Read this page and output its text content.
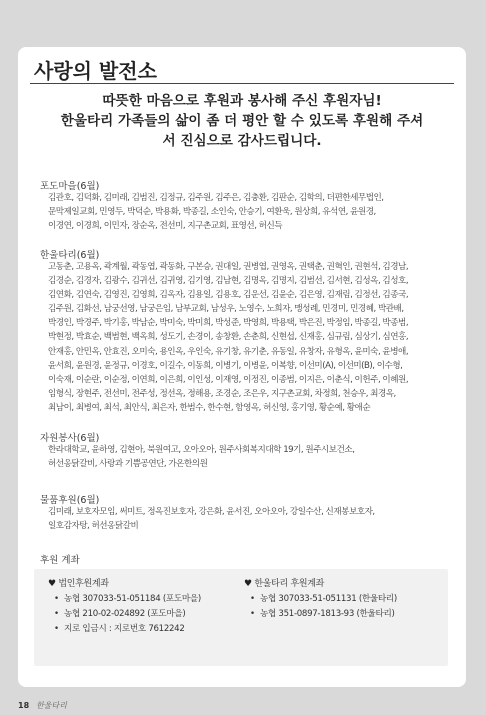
사랑의 발전소
따뜻한 마음으로 후원과 봉사해 주신 후원자님!
한울타리 가족들의 삶이 좀 더 평안 할 수 있도록 후원해 주셔
서 진심으로 감사드립니다.
포도마을(6월)
김관호, 김덕화, 김미래, 김범진, 김정규, 김주원, 김주은, 김충환, 김판순, 김학의, 더편한세무법인,
문막제일교회, 민영두, 박덕순, 박용화, 박종길, 소인숙, 안승기, 여환욱, 원상희, 유석연, 윤원경,
이경연, 이경희, 이민자, 장순옥, 전선미, 지구촌교회, 표영선, 허신득
한울타리(6월)
고동춘, 고용옥, 곽계월, 곽동엽, 곽동화, 구본승, 권대일, 권병엽, 권영옥, 권택춘, 권혁인, 권현석, 김경남,
김경순, 김경자, 김광수, 김귀선, 김귀영, 김기영, 김남현, 김명옥, 김명지, 김범선, 김서현, 김성옥, 김성호,
김연화, 김연숙, 김영진, 김영희, 김옥자, 김용일, 김용호, 김운선, 김윤순, 김은영, 김재림, 김정선, 김종국,
김주원, 김화선, 남궁선영, 남궁은임, 남부교회, 남성우, 노영수, 노희자, 맹성례, 민경미, 민경혜, 박관배,
박경인, 박경주, 박기홍, 박남순, 박미숙, 박미희, 박성준, 박영희, 박용택, 박은진, 박정임, 박종길, 박종범,
박현정, 박효순, 백범현, 백옥희, 성도기, 손경이, 송창환, 손춘희, 신현섭, 신재홍, 심규림, 심상기, 심연홍,
안재홍, 안민옥, 안효진, 오미숙, 용인옥, 우인숙, 유기창, 유기춘, 유동일, 유창자, 유형옥, 윤미숙, 윤병애,
윤서희, 윤원경, 윤정규, 이경호, 이길수, 이동희, 이병기, 이병윤, 이복향, 이선미(A), 이선미(B), 이수형,
이숙재, 이순란, 이순정, 이연희, 이은희, 이인성, 이재영, 이정진, 이종범, 이지은, 이춘식, 이헌주, 이혜원,
임형식, 장현주, 전선미, 전주성, 정선옥, 정해용, 조경순, 조은우, 지구촌교회, 차정희, 천승우, 최경옥,
최남이, 최병여, 최석, 최안식, 최은자, 한범수, 한수현, 함영옥, 허신영, 홍기영, 황순예, 황애순
자원봉사(6월)
한라대학교, 윤하영, 김현아, 북원여고, 오아오아, 원주사회복지대학 19기, 원주시보건소,
허선옹닭갈비, 사랑과 기쁨공연단, 가온한의원
물품후원(6월)
김미래, 보호자모임, 써미트, 정옥진보호자, 강은화, 윤서진, 오아오아, 강일수산, 신재봉보호자,
일호감자탕, 허선옹닭갈비
후원 계좌
♥ 법인후원계좌
• 농협 307033-51-051184 (포도마을)
• 농협 210-02-024892 (포도마을)
• 지로 입금시 : 지로번호 7612242
♥ 한울타리 후원계좌
• 농협 307033-51-051131 (한울타리)
• 농협 351-0897-1813-93 (한울타리)
18 한울타리
